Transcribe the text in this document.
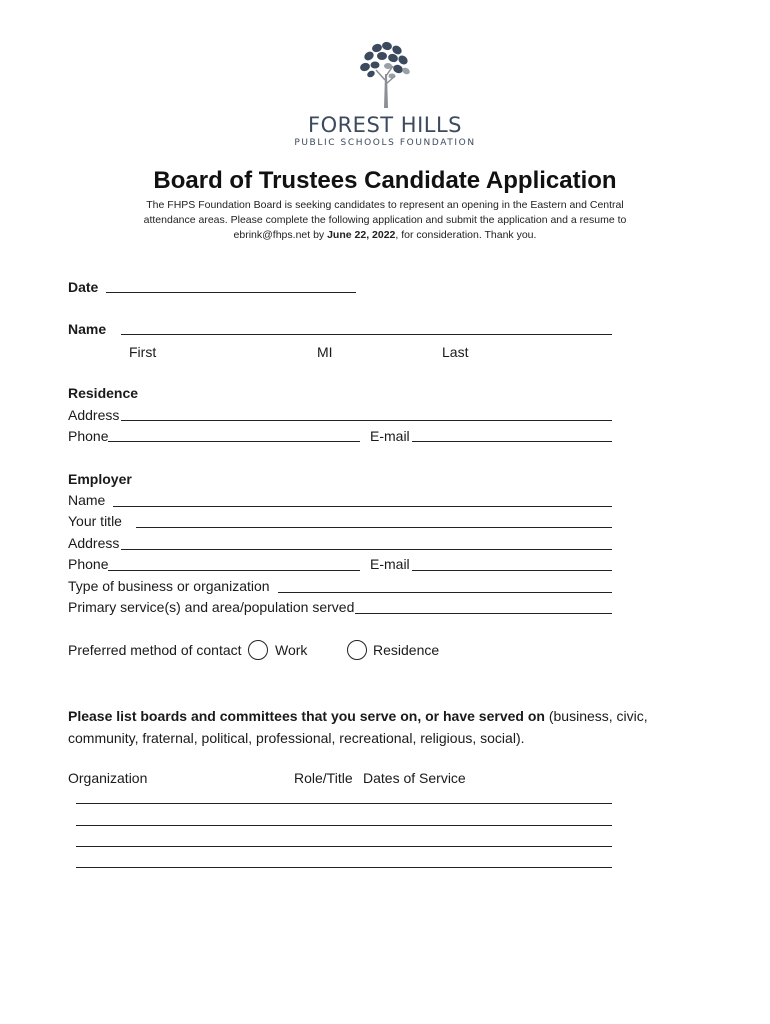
FOREST HILLS
PUBLIC SCHOOLS FOUNDATION
Board of Trustees Candidate Application
The FHPS Foundation Board is seeking candidates to represent an opening in the Eastern and Central
attendance areas. Please complete the following application and submit the application and a resume to
ebrink@fhps.net by June 22, 2022, for consideration. Thank you.
Date
Name
First	MI	Last
Residence
Address
Phone	E-mail
Employer
Name
Your title
Address
Phone	E-mail
Type of business or organization
Primary service(s) and area/population served
Preferred method of contact Work	Residence
Please list boards and committees that you serve on, or have served on (business, civic, community, fraternal, political, professional, recreational, religious, social).
Organization	Role/Title Dates of Service
